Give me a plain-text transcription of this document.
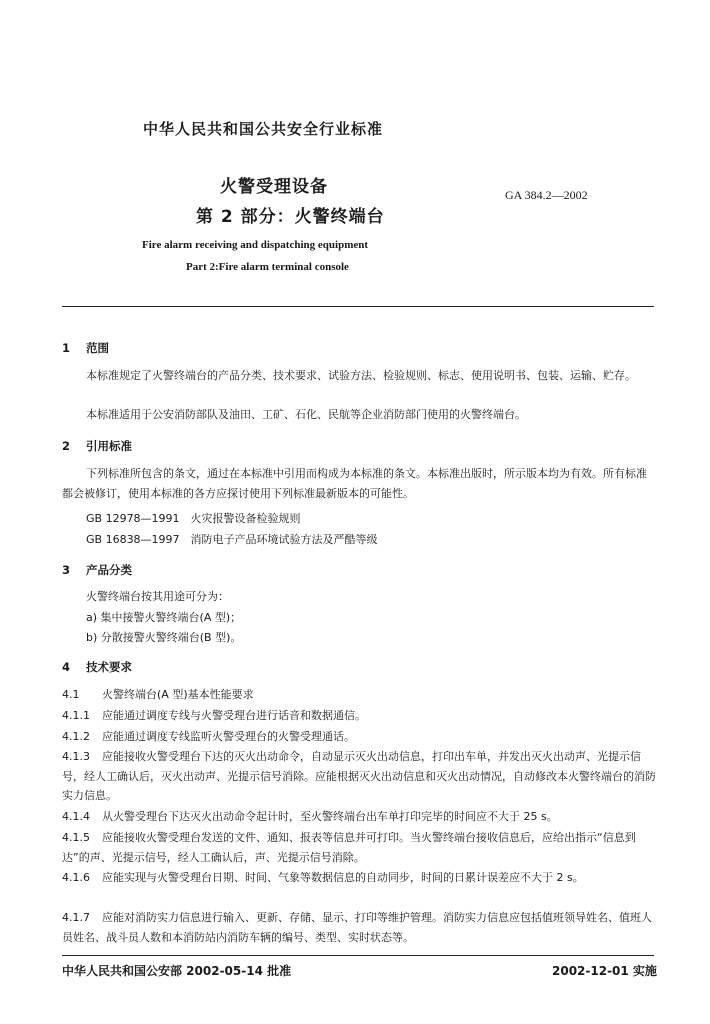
中华人民共和国公共安全行业标准
火警受理设备
第 2 部分：火警终端台
GA 384.2—2002
Fire alarm receiving and dispatching equipment
Part 2:Fire alarm terminal console
1 范围
本标准规定了火警终端台的产品分类、技术要求、试验方法、检验规则、标志、使用说明书、包装、运输、贮存。
本标准适用于公安消防部队及油田、工矿、石化、民航等企业消防部门使用的火警终端台。
2 引用标准
下列标准所包含的条文，通过在本标准中引用而构成为本标准的条文。本标准出版时，所示版本均为有效。所有标准都会被修订，使用本标准的各方应探讨使用下列标准最新版本的可能性。
GB 12978—1991　火灾报警设备检验规则
GB 16838—1997　消防电子产品环境试验方法及严酷等级
3 产品分类
火警终端台按其用途可分为：
a) 集中接警火警终端台(A 型)；
b) 分散接警火警终端台(B 型)。
4 技术要求
4.1 火警终端台(A 型)基本性能要求
4.1.1 应能通过调度专线与火警受理台进行话音和数据通信。
4.1.2 应能通过调度专线监听火警受理台的火警受理通话。
4.1.3 应能接收火警受理台下达的灭火出动命令，自动显示灭火出动信息，打印出车单，并发出灭火出动声、光提示信号，经人工确认后，灭火出动声、光提示信号消除。应能根据灭火出动信息和灭火出动情况，自动修改本火警终端台的消防实力信息。
4.1.4 从火警受理台下达灭火出动命令起计时，至火警终端台出车单打印完毕的时间应不大于 25 s。
4.1.5 应能接收火警受理台发送的文件、通知、报表等信息并可打印。当火警终端台接收信息后，应给出指示“信息到达”的声、光提示信号，经人工确认后，声、光提示信号消除。
4.1.6 应能实现与火警受理台日期、时间、气象等数据信息的自动同步，时间的日累计误差应不大于 2 s。
4.1.7 应能对消防实力信息进行输入、更新、存储、显示、打印等维护管理。消防实力信息应包括值班领导姓名、值班人员姓名、战斗员人数和本消防站内消防车辆的编号、类型、实时状态等。
中华人民共和国公安部 2002-05-14 批准	2002-12-01 实施
